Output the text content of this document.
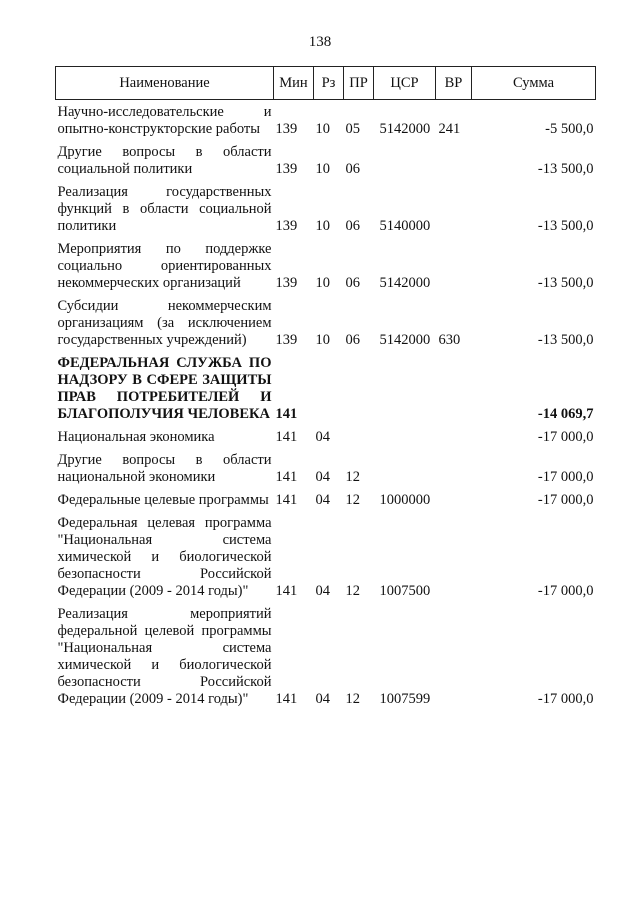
138
Наименование	Мин	Рз	ПР	ЦСР	ВР	Сумма
Научно-исследовательские и опытно-конструкторские работы	139	10	05	5142000	241	-5 500,0
Другие вопросы в области социальной политики	139	10	06			-13 500,0
Реализация государственных функций в области социальной политики	139	10	06	5140000		-13 500,0
Мероприятия по поддержке социально ориентированных некоммерческих организаций	139	10	06	5142000		-13 500,0
Субсидии некоммерческим организациям (за исключением государственных учреждений)	139	10	06	5142000	630	-13 500,0
ФЕДЕРАЛЬНАЯ СЛУЖБА ПО НАДЗОРУ В СФЕРЕ ЗАЩИТЫ ПРАВ ПОТРЕБИТЕЛЕЙ И БЛАГОПОЛУЧИЯ ЧЕЛОВЕКА	141					-14 069,7
Национальная экономика	141	04				-17 000,0
Другие вопросы в области национальной экономики	141	04	12			-17 000,0
Федеральные целевые программы	141	04	12	1000000		-17 000,0
Федеральная целевая программа "Национальная система химической и биологической безопасности Российской Федерации (2009 - 2014 годы)"	141	04	12	1007500		-17 000,0
Реализация мероприятий федеральной целевой программы "Национальная система химической и биологической безопасности Российской Федерации (2009 - 2014 годы)"	141	04	12	1007599		-17 000,0
